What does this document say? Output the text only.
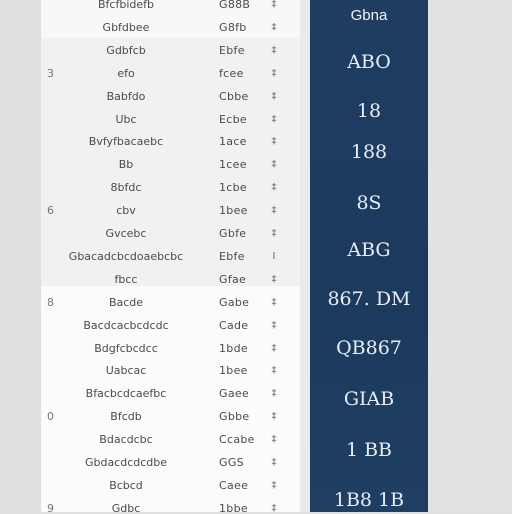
Bfcfbidefb	G88B	‡
Gbfdbee	G8fb	‡
Gdbfcb	Ebfe	‡
3	efo	fcee	‡
Babfdo	Cbbe	‡
Ubc	Ecbe	‡
Bvfyfbacaebc	1ace	‡
Bb	1cee	‡
8bfdc	1cbe	‡
6	cbv	1bee	‡
Gvcebc	Gbfe	‡
Gbacadcbcdoaebcbc	Ebfe	I
fbcc	Gfae	‡
8	Bacde	Gabe	‡
Bacdcacbcdcdc	Cade	‡
Bdgfcbcdcc	1bde	‡
Uabcac	1bee	‡
Bfacbcdcaefbc	Gaee	‡
0	Bfcdb	Gbbe	‡
Bdacdcbc	Ccabe	‡
Gbdacdcdcdbe	GGS	‡
Bcbcd	Caee	‡
9	Gdbc	1bbe	‡
Gbna
ABO
18
188
8S
ABG
867. DM
QB867
GIAB
1 BB
1B8 1B
